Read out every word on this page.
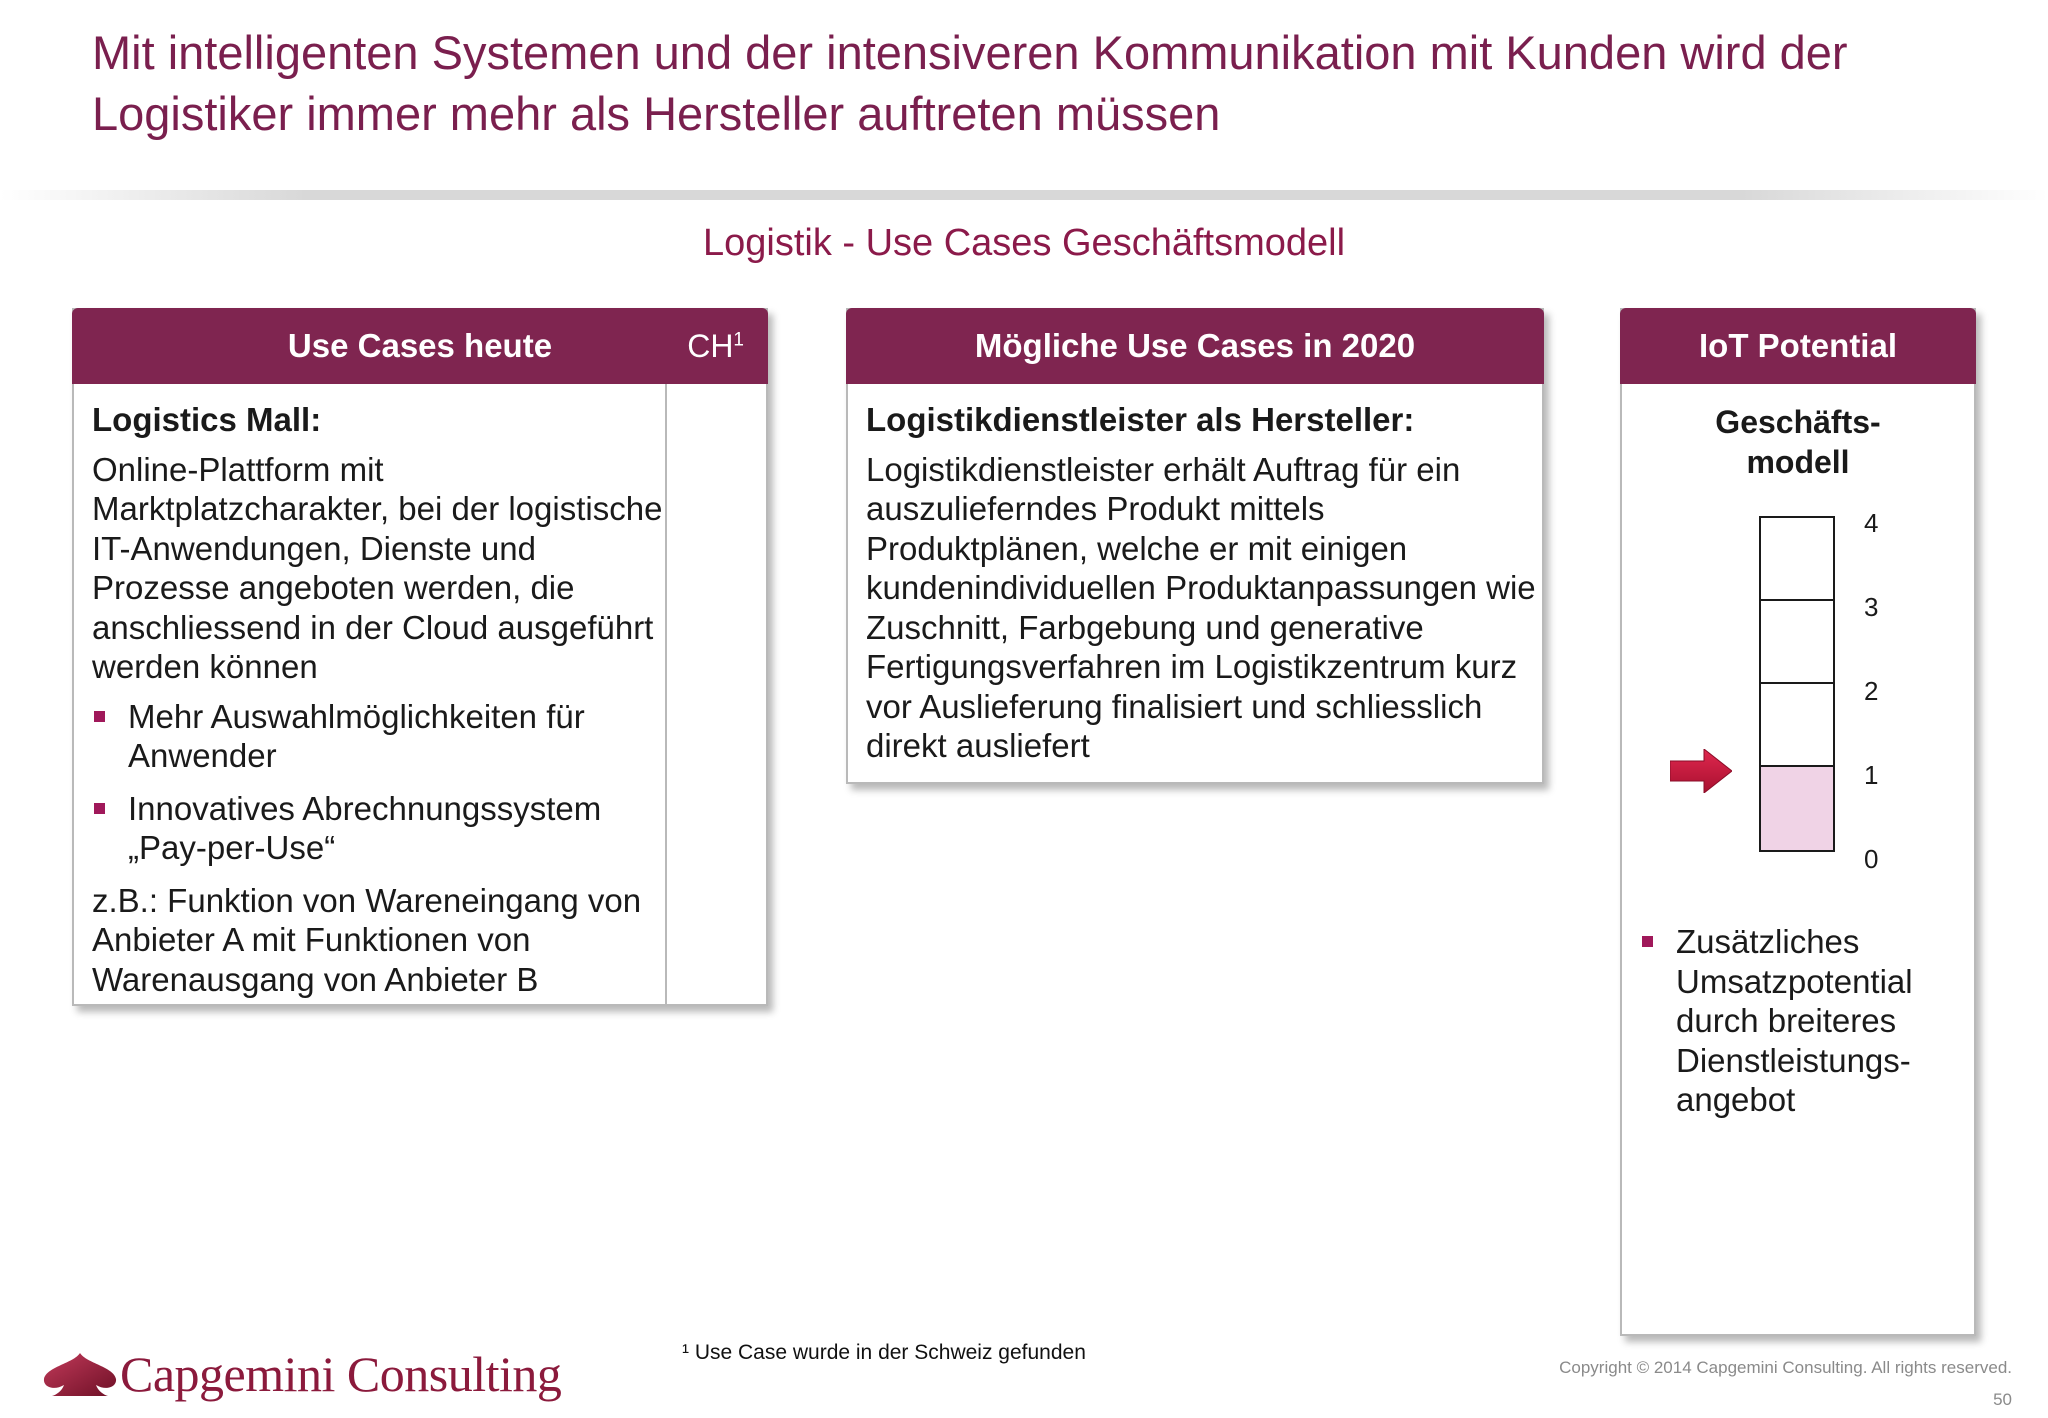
Mit intelligenten Systemen und der intensiveren Kommunikation mit Kunden wird der Logistiker immer mehr als Hersteller auftreten müssen
Logistik - Use Cases Geschäftsmodell
Use Cases heute	$CH^1$
Logistics Mall:
Online-Plattform mit Marktplatzcharakter, bei der logistische IT-Anwendungen, Dienste und Prozesse angeboten werden, die anschliessend in der Cloud ausgeführt werden können
Mehr Auswahlmöglichkeiten für Anwender
Innovatives Abrechnungssystem „Pay-per-Use“
z.B.: Funktion von Wareneingang von Anbieter A mit Funktionen von Warenausgang von Anbieter B
Mögliche Use Cases in 2020
Logistikdienstleister als Hersteller:
Logistikdienstleister erhält Auftrag für ein auszulieferndes Produkt mittels Produktplänen, welche er mit einigen kundenindividuellen Produktanpassungen wie Zuschnitt, Farbgebung und generative Fertigungsverfahren im Logistikzentrum kurz vor Auslieferung finalisiert und schliesslich direkt ausliefert
IoT Potential
Geschäfts-
modell
4
3
2
1
0
Zusätzliches Umsatzpotential durch breiteres Dienstleistungs-angebot
Capgemini Consulting	¹ Use Case wurde in der Schweiz gefunden
Copyright © 2014 Capgemini Consulting. All rights reserved.
50
